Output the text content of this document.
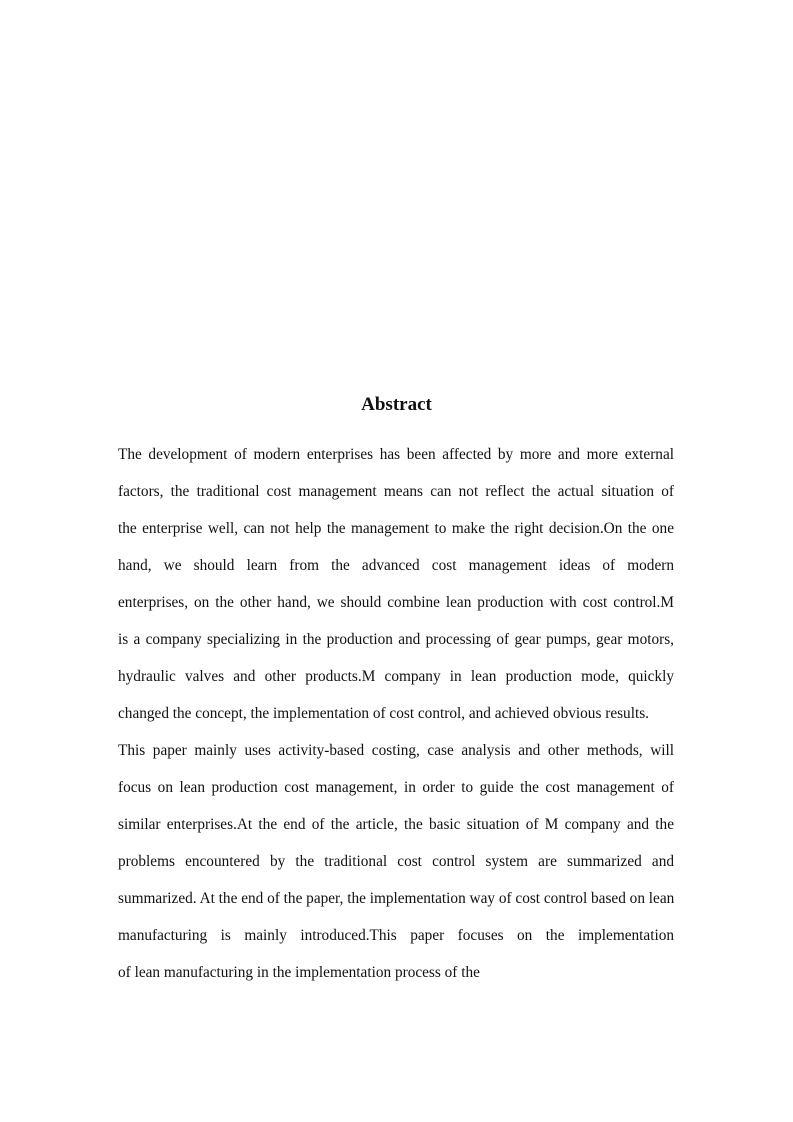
Abstract
The development of modern enterprises has been affected by more and more external
factors, the traditional cost management means can not reflect the actual situation of
the enterprise well, can not help the management to make the right decision.On the one
hand, we should learn from the advanced cost management ideas of modern
enterprises, on the other hand, we should combine lean production with cost control.M
is a company specializing in the production and processing of gear pumps, gear motors,
hydraulic valves and other products.M company in lean production mode, quickly
changed the concept, the implementation of cost control, and achieved obvious results.
This paper mainly uses activity-based costing, case analysis and other methods, will
focus on lean production cost management, in order to guide the cost management of
similar enterprises.At the end of the article, the basic situation of M company and the
problems encountered by the traditional cost control system are summarized and
summarized. At the end of the paper, the implementation way of cost control based on lean
manufacturing is mainly introduced.This paper focuses on the implementation
of lean manufacturing in the implementation process of the
